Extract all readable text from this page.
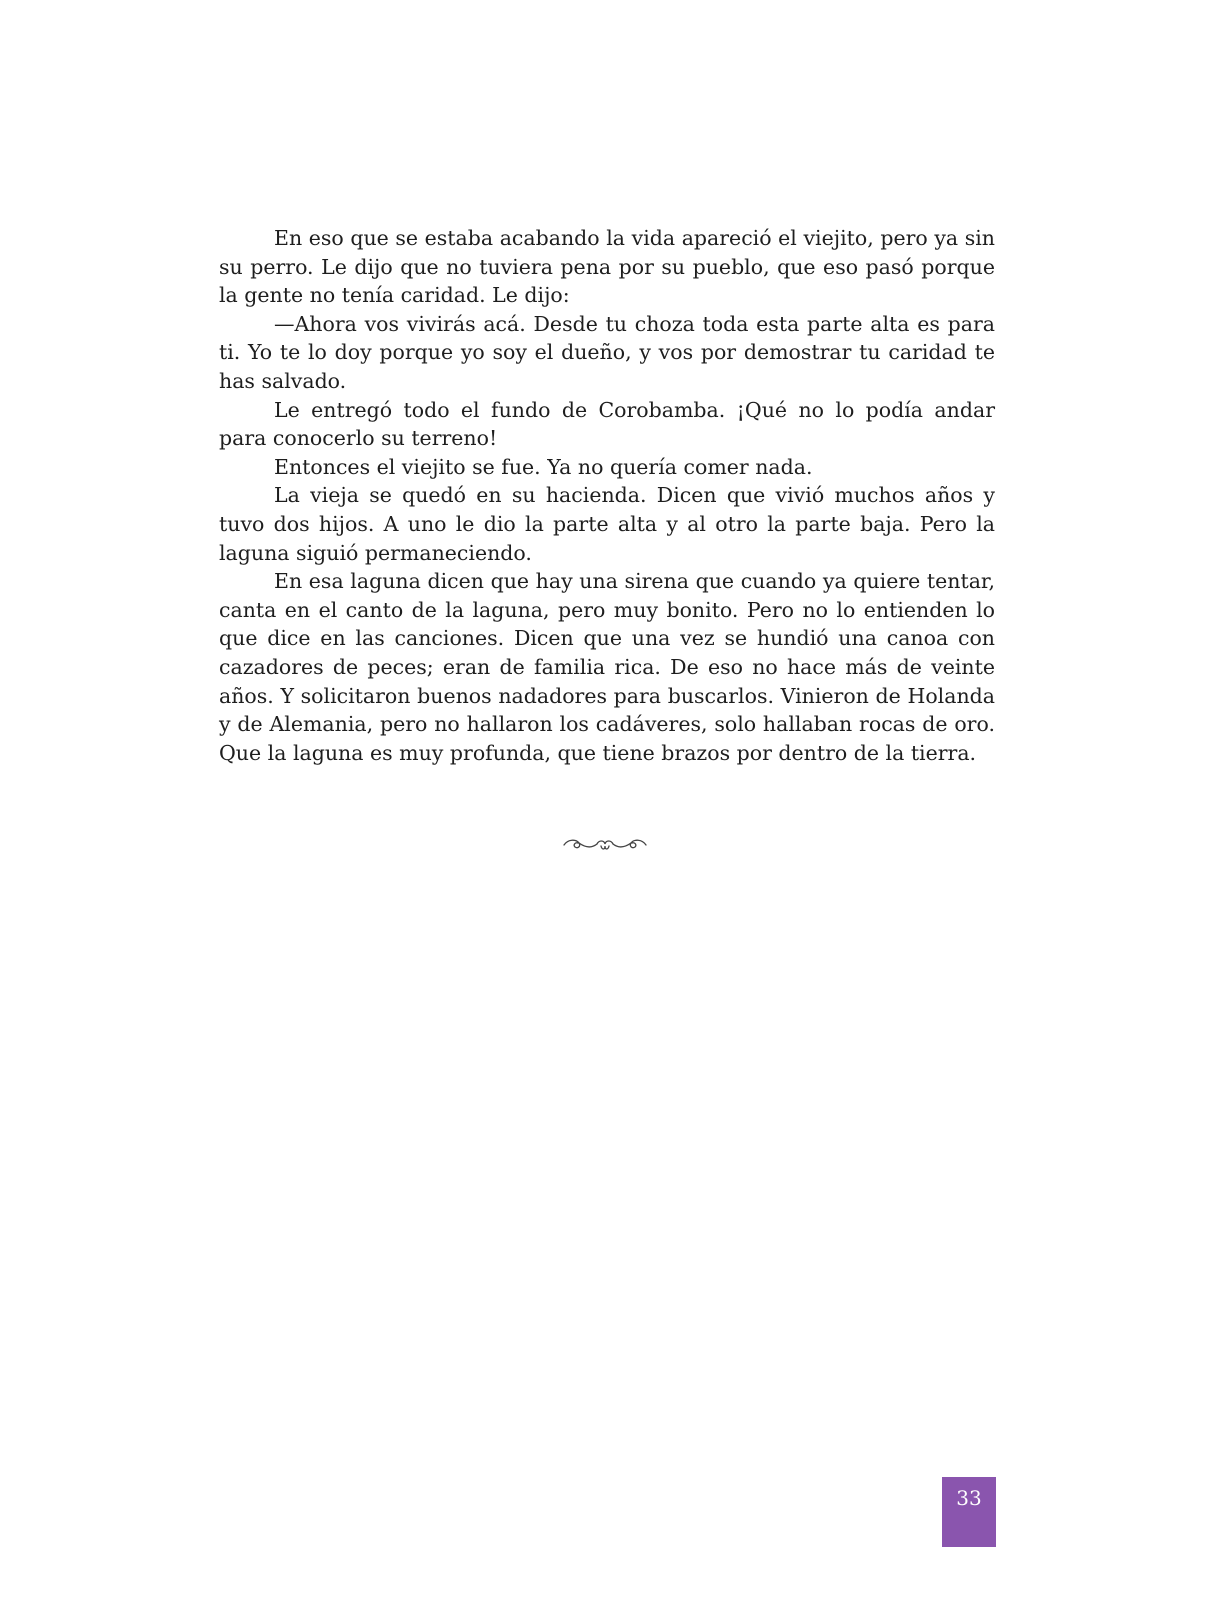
En eso que se estaba acabando la vida apareció el viejito, pero ya sin su perro. Le dijo que no tuviera pena por su pueblo, que eso pasó porque la gente no tenía caridad. Le dijo:

—Ahora vos vivirás acá. Desde tu choza toda esta parte alta es para ti. Yo te lo doy porque yo soy el dueño, y vos por demostrar tu caridad te has salvado.

Le entregó todo el fundo de Corobamba. ¡Qué no lo podía andar para conocerlo su terreno!

Entonces el viejito se fue. Ya no quería comer nada.

La vieja se quedó en su hacienda. Dicen que vivió muchos años y tuvo dos hijos. A uno le dio la parte alta y al otro la parte baja. Pero la laguna siguió permaneciendo.

En esa laguna dicen que hay una sirena que cuando ya quiere tentar, canta en el canto de la laguna, pero muy bonito. Pero no lo entienden lo que dice en las canciones. Dicen que una vez se hundió una canoa con cazadores de peces; eran de familia rica. De eso no hace más de veinte años. Y solicitaron buenos nadadores para buscarlos. Vinieron de Holanda y de Alemania, pero no hallaron los cadáveres, solo hallaban rocas de oro. Que la laguna es muy profunda, que tiene brazos por dentro de la tierra.

33
